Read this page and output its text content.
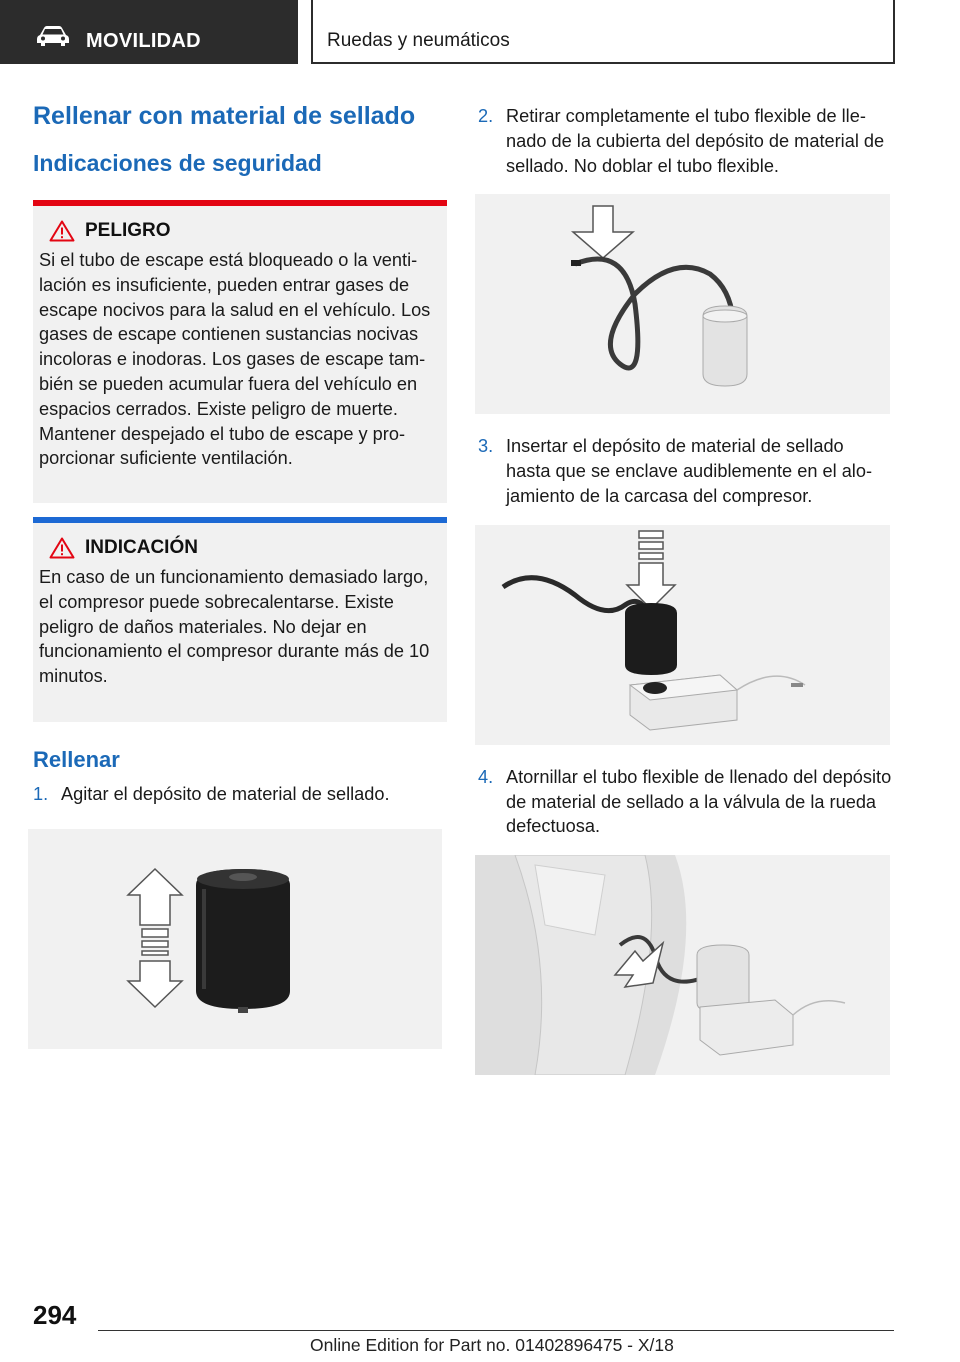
MOVILIDAD	Ruedas y neumáticos
Rellenar con material de sellado
Indicaciones de seguridad
PELIGRO
Si el tubo de escape está bloqueado o la ventilación es insuficiente, pueden entrar gases de escape nocivos para la salud en el vehículo. Los gases de escape contienen sustancias nocivas incoloras e inodoras. Los gases de escape también se pueden acumular fuera del vehículo en espacios cerrados. Existe peligro de muerte. Mantener despejado el tubo de escape y proporcionar suficiente ventilación.
INDICACIÓN
En caso de un funcionamiento demasiado largo, el compresor puede sobrecalentarse. Existe peligro de daños materiales. No dejar en funcionamiento el compresor durante más de 10 minutos.
Rellenar
1. Agitar el depósito de material de sellado.
2. Retirar completamente el tubo flexible de llenado de la cubierta del depósito de material de sellado. No doblar el tubo flexible.
3. Insertar el depósito de material de sellado hasta que se enclave audiblemente en el alojamiento de la carcasa del compresor.
4. Atornillar el tubo flexible de llenado del depósito de material de sellado a la válvula de la rueda defectuosa.
294
Online Edition for Part no. 01402896475 - X/18
